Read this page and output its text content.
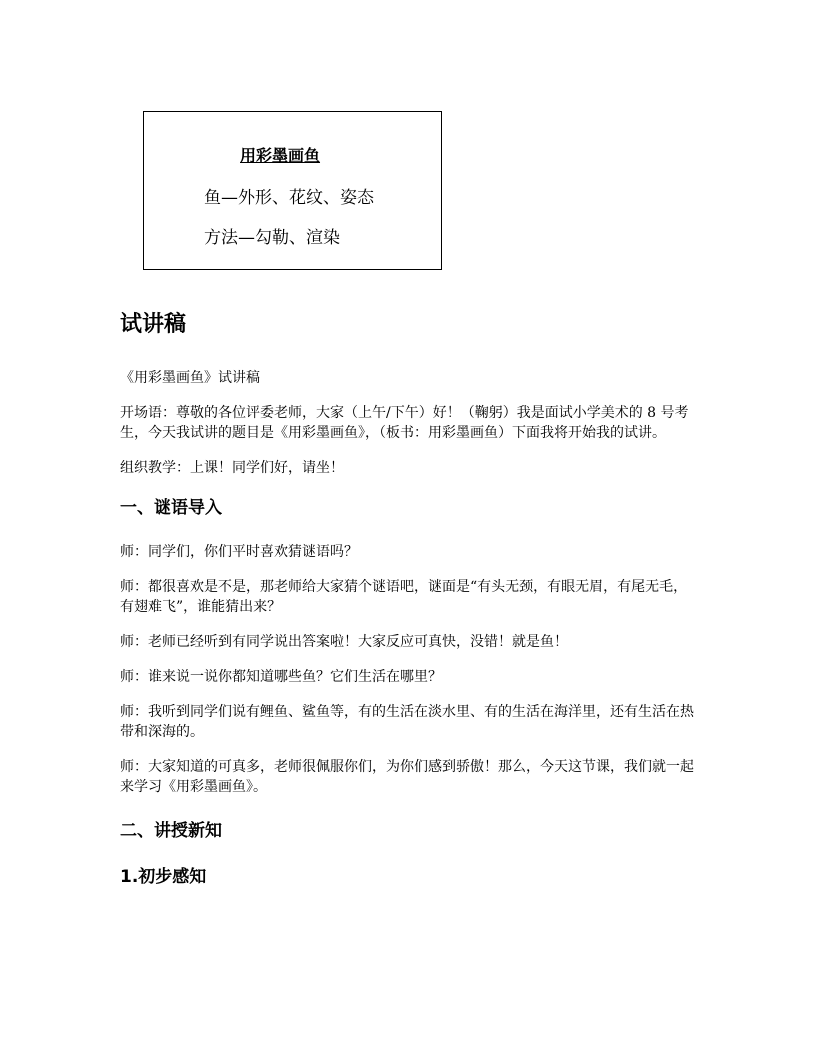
用彩墨画鱼
鱼—外形、花纹、姿态
方法—勾勒、渲染
试讲稿

《用彩墨画鱼》试讲稿

开场语：尊敬的各位评委老师，大家（上午/下午）好！（鞠躬）我是面试小学美术的 8 号考生，今天我试讲的题目是《用彩墨画鱼》，（板书：用彩墨画鱼）下面我将开始我的试讲。

组织教学：上课！同学们好，请坐！

一、谜语导入

师：同学们，你们平时喜欢猜谜语吗？

师：都很喜欢是不是，那老师给大家猜个谜语吧，谜面是“有头无颈，有眼无眉，有尾无毛，有翅难飞”，谁能猜出来？

师：老师已经听到有同学说出答案啦！大家反应可真快，没错！就是鱼！

师：谁来说一说你都知道哪些鱼？它们生活在哪里？

师：我听到同学们说有鲤鱼、鲨鱼等，有的生活在淡水里、有的生活在海洋里，还有生活在热带和深海的。

师：大家知道的可真多，老师很佩服你们，为你们感到骄傲！那么，今天这节课，我们就一起来学习《用彩墨画鱼》。

二、讲授新知
1.初步感知
